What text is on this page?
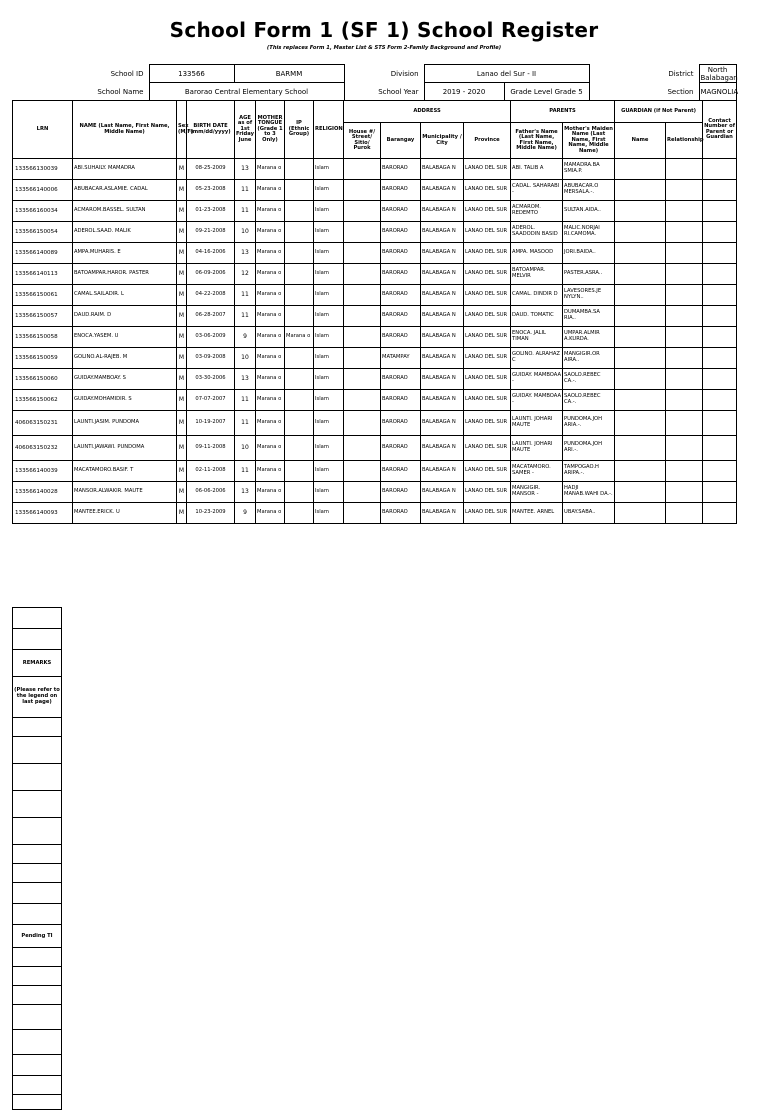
School Form 1 (SF 1) School Register
(This replaces Form 1, Master List & STS Form 2-Family Background and Profile)
School ID	133566	BARMM	Division	Lanao del Sur - II		District	North Balabagan
School Name	Barorao Central Elementary School		School Year	2019 - 2020	Grade Level Grade 5	Section	MAGNOLIA
LRN	NAME (Last Name, First Name, Middle Name)	Sex (M/F)	BIRTH DATE (mm/dd/yyyy)	AGE as of 1st Friday June	MOTHER TONGUE (Grade 1 to 3 Only)	IP (Ethnic Group)	RELIGION	ADDRESS				PARENTS		GUARDIAN (if Not Parent)		Contact Number of Parent or Guardian
								House #/ Street/ Sitio/ Purok	Barangay	Municipality / City	Province	Father's Name (Last Name, First Name, Middle Name)	Mother's Maiden Name (Last Name, First Name, Middle Name)	Name	Relationship	
133566130039	ABI.SUHAILY. MAMADRA	M	08-25-2009	13	Marana o		Islam		BARORAO	BALABAGA N	LANAO DEL SUR	ABI. TALIB A	MAMADRA.BA SMIA.P.			
133566140006	ABUBACAR.ASLAMIE. CADAL	M	05-23-2008	11	Marana o		Islam		BARORAO	BALABAGA N	LANAO DEL SUR	CADAL. SAHARABI -	ABUBACAR.O MERSALA.-.			
133566160034	ACMAROM.BASSEL. SULTAN	M	01-23-2008	11	Marana o		Islam		BARORAO	BALABAGA N	LANAO DEL SUR	ACMAROM. REDEMTO	SULTAN.AIDA..			
133566150054	ADEROL.SAAD. MALIK	M	09-21-2008	10	Marana o		Islam		BARORAO	BALABAGA N	LANAO DEL SUR	ADEROL. SAADODIN BASID	MALIC.NORJAI RI.CAMOMA.			
133566140089	AMPA.MUHARIS. E	M	04-16-2006	13	Marana o		Islam		BARORAO	BALABAGA N	LANAO DEL SUR	AMPA. MASOOD	JORI.BAIDA..			
133566140113	BATOAMPAR.HAROR. PASTER	M	06-09-2006	12	Marana o		Islam		BARORAO	BALABAGA N	LANAO DEL SUR	BATOAMPAR. MELVIR	PASTER.ASRA..			
133566150061	CAMAL.SAILADIR. L	M	04-22-2008	11	Marana o		Islam		BARORAO	BALABAGA N	LANAO DEL SUR	CAMAL. DINDIR D	LAVESORES.JE NYLYN..			
133566150057	DAUD.RAIM. D	M	06-28-2007	11	Marana o		Islam		BARORAO	BALABAGA N	LANAO DEL SUR	DAUD. TOMATIC	DUMAMBA.SA RIA..			
133566150058	ENOCA.YASEM. U	M	03-06-2009	9	Marana o	Marana o	Islam		BARORAO	BALABAGA N	LANAO DEL SUR	ENOCA. JALIL TIMAN	UMPAR.ALMIR A.KURDA.			
133566150059	GOLINO.AL-RAJEB. M	M	03-09-2008	10	Marana o		Islam		MATAMPAY	BALABAGA N	LANAO DEL SUR	GOLINO. ALRAHAZ C	MANGIGIR.OR AIRA..			
133566150060	GUIDAY.MAMBOAY. S	M	03-30-2006	13	Marana o		Islam		BARORAO	BALABAGA N	LANAO DEL SUR	GUIDAY. MAMBOAA -	SAOLO.REBEC CA.-.			
133566150062	GUIDAY.MOHAMIDIR. S	M	07-07-2007	11	Marana o		Islam		BARORAO	BALABAGA N	LANAO DEL SUR	GUIDAY. MAMBOAA -	SAOLO.REBEC CA.-.			
406063150231	LAUNTI.JASIM. PUNDOMA	M	10-19-2007	11	Marana o		Islam		BARORAO	BALABAGA N	LANAO DEL SUR	LAUNTI. JOHARI MAUTE	PUNDOMA.JOH ARIA.-.			
406063150232	LAUNTI.JAWAWI. PUNDOMA	M	09-11-2008	10	Marana o		Islam		BARORAO	BALABAGA N	LANAO DEL SUR	LAUNTI. JOHARI MAUTE	PUNDOMA.JOH ARI.-.			
133566140039	MACATAMORO.BASIF. T	M	02-11-2008	11	Marana o		Islam		BARORAO	BALABAGA N	LANAO DEL SUR	MACATAMORO. SAMER -	TAMPOGAO.H ARIPA.-.			
133566140028	MANSOR.ALWAKIR. MAUTE	M	06-06-2006	13	Marana o		Islam		BARORAO	BALABAGA N	LANAO DEL SUR	MANGIGIR. MANSOR -	HADJI MANAB.WAHI DA.-.			
133566140093	MANTEE.ERICK. U	M	10-23-2009	9	Marana o		Islam		BARORAO	BALABAGA N	LANAO DEL SUR	MANTEE. ARNEL	UBAY.SABA..			

REMARKS
(Please refer to the legend on last page)

Pending TI
